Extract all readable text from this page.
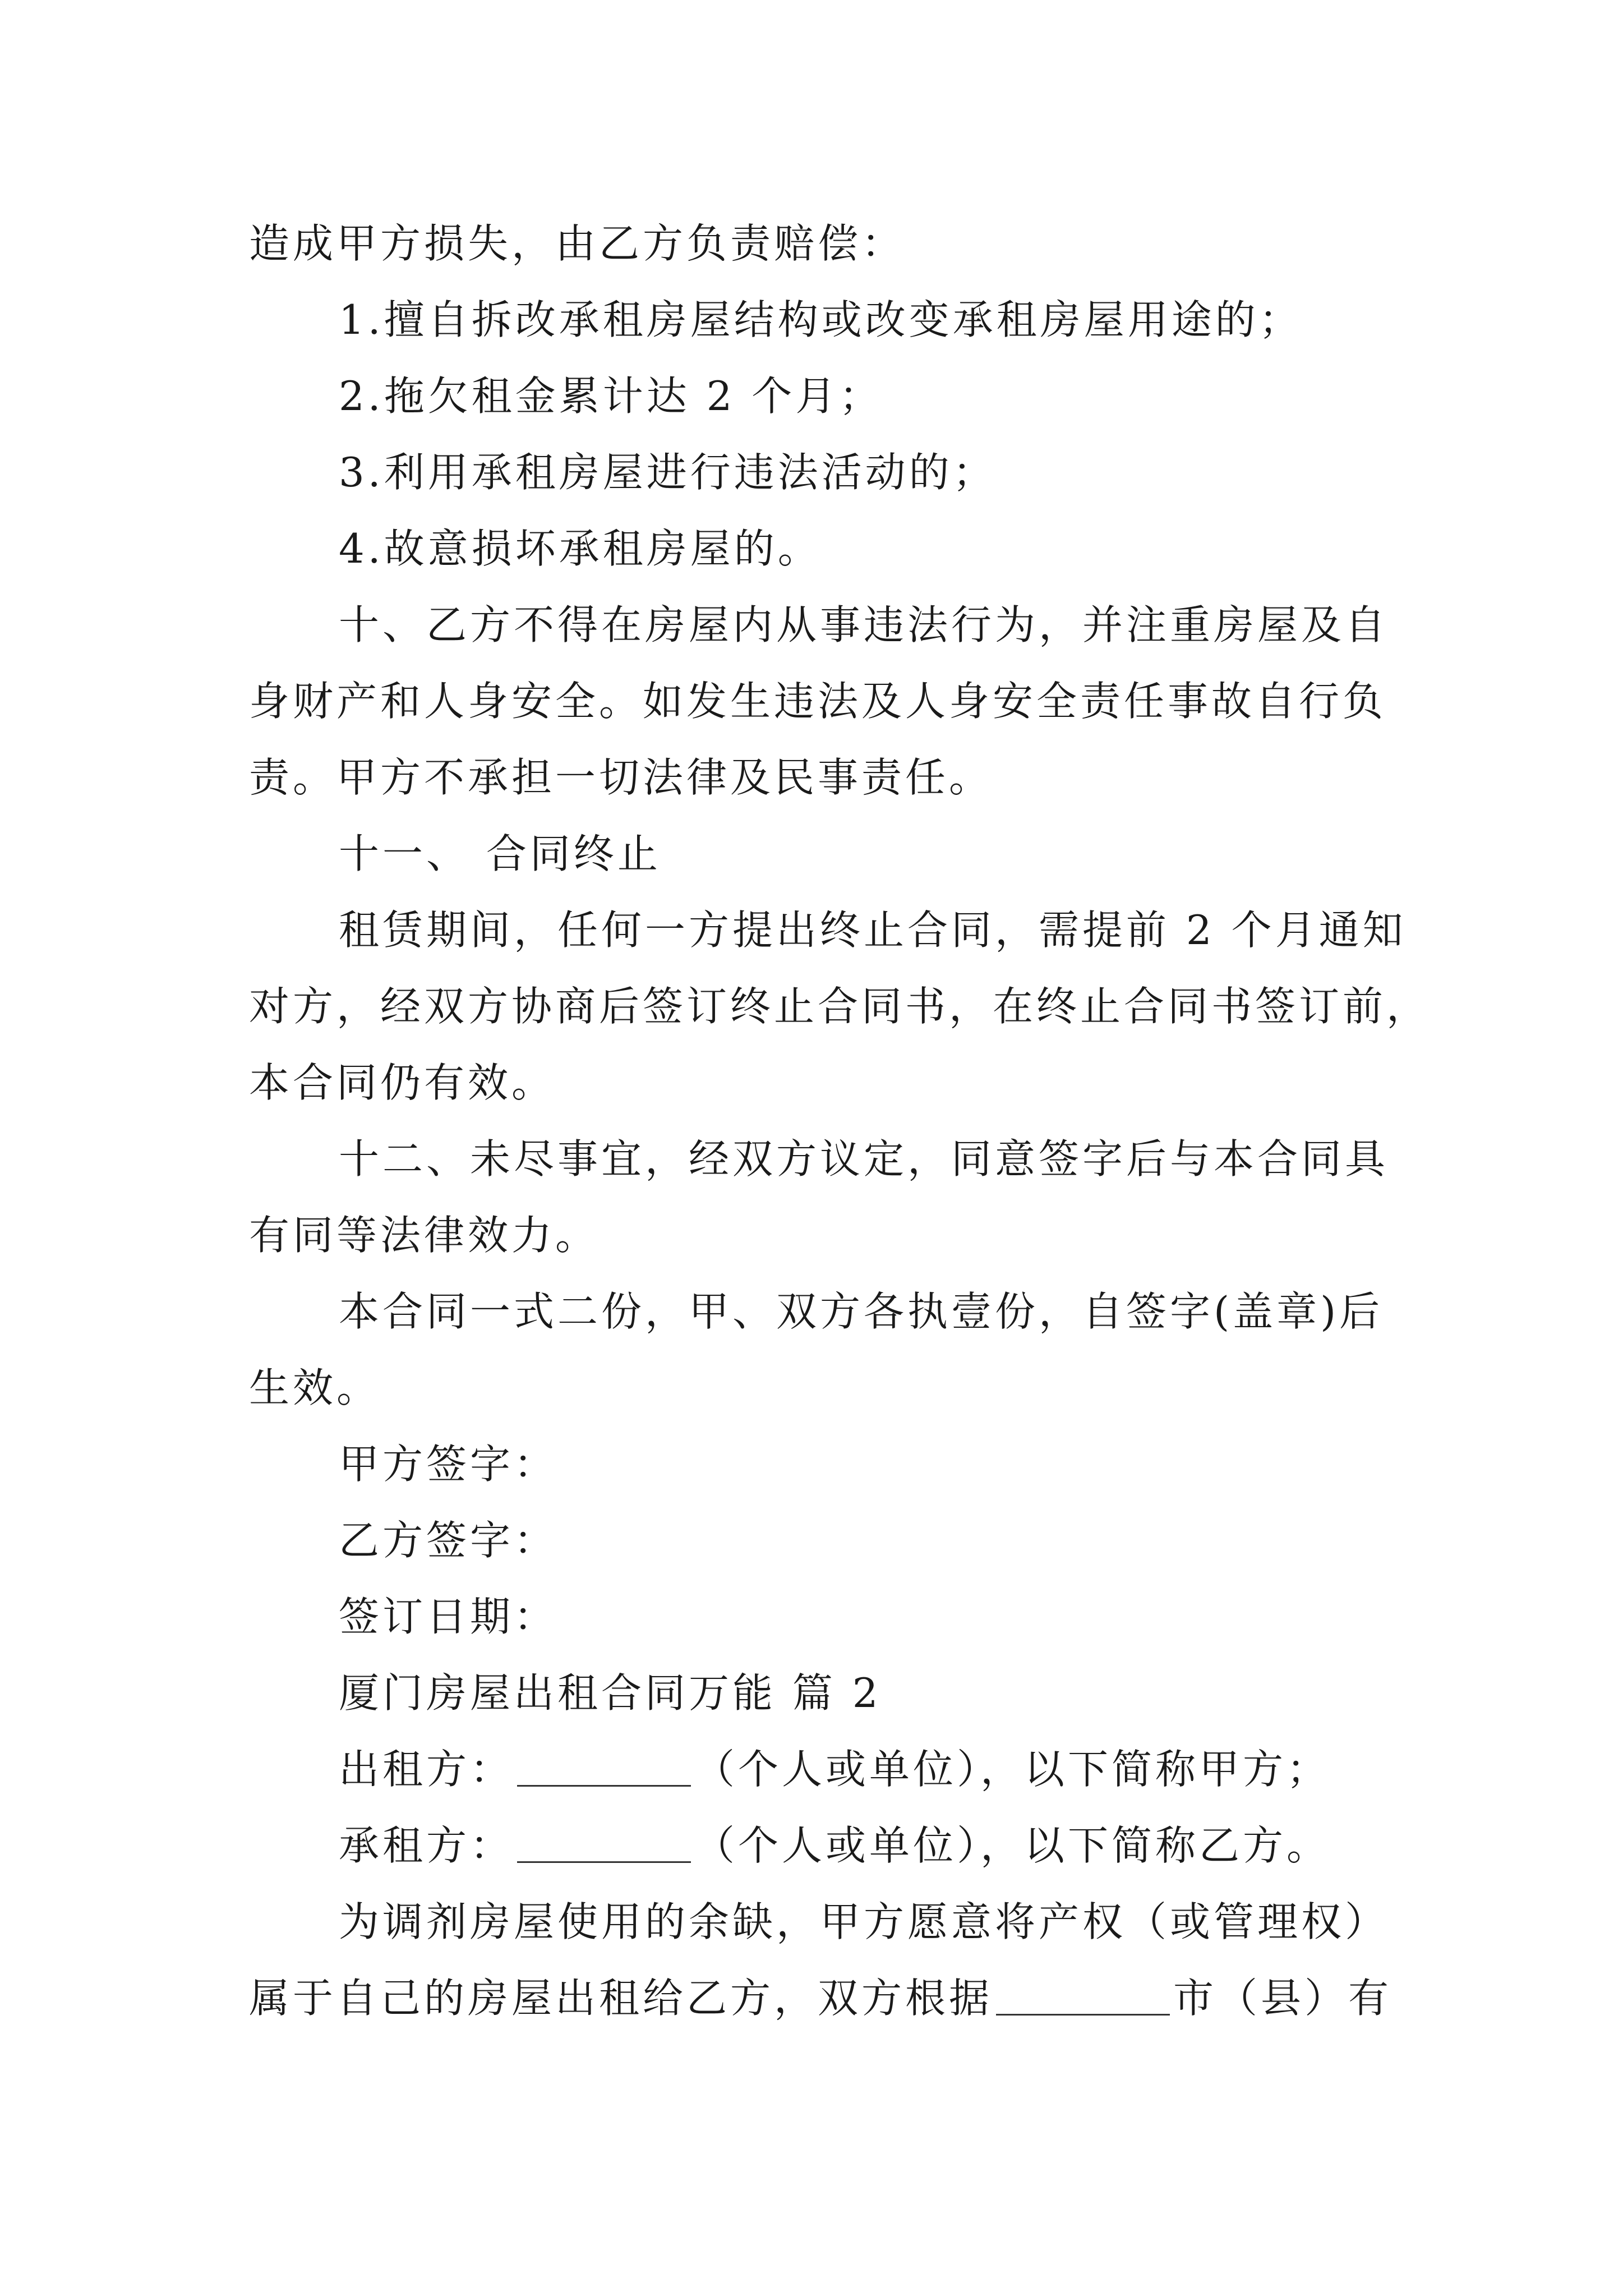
造成甲方损失，由乙方负责赔偿：
1.擅自拆改承租房屋结构或改变承租房屋用途的；
2.拖欠租金累计达 2 个月；
3.利用承租房屋进行违法活动的；
4.故意损坏承租房屋的。
十、乙方不得在房屋内从事违法行为，并注重房屋及自
身财产和人身安全。如发生违法及人身安全责任事故自行负
责。甲方不承担一切法律及民事责任。
十一、 合同终止
租赁期间，任何一方提出终止合同，需提前 2 个月通知
对方，经双方协商后签订终止合同书，在终止合同书签订前，
本合同仍有效。
十二、未尽事宜，经双方议定，同意签字后与本合同具
有同等法律效力。
本合同一式二份，甲、双方各执壹份，自签字(盖章)后
生效。
甲方签字：
乙方签字：
签订日期：
厦门房屋出租合同万能 篇 2
出租方：	（个人或单位），以下简称甲方；
承租方：	（个人或单位），以下简称乙方。
为调剂房屋使用的余缺，甲方愿意将产权（或管理权）
属于自己的房屋出租给乙方，双方根据	市（县）有
